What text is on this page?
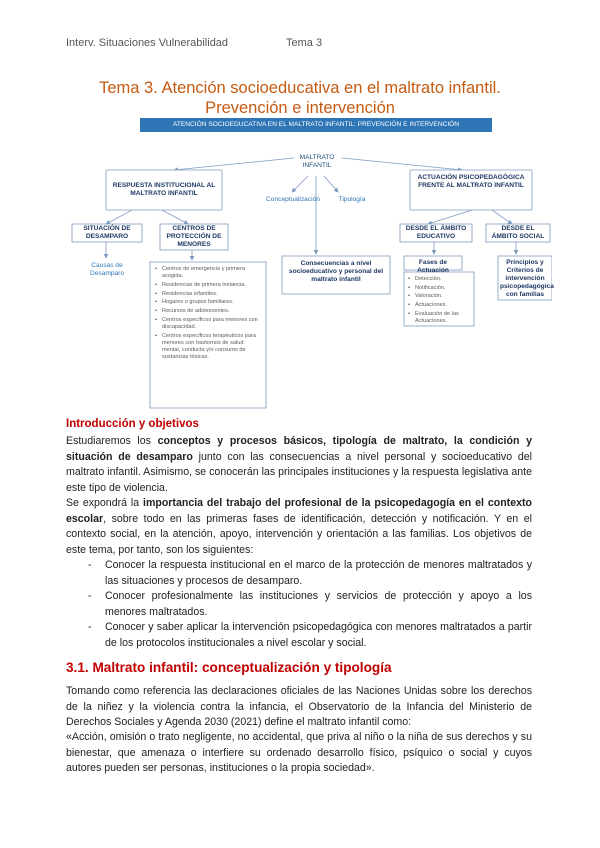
Interv. Situaciones Vulnerabilidad	Tema 3
Tema 3. Atención socioeducativa en el maltrato infantil.
Prevención e intervención
ATENCIÓN SOCIOEDUCATIVA EN EL MALTRATO INFANTIL: PREVENCIÓN E INTERVENCIÓN
MALTRATO INFANTIL
RESPUESTA INSTITUCIONAL AL MALTRATO INFANTIL
ACTUACIÓN PSICOPEDAGÓGICA FRENTE AL MALTRATO INFANTIL
Conceptualización	Tipología
SITUACIÓN DE DESAMPARO
Causas de Desamparo
CENTROS DE PROTECCIÓN DE MENORES
• Centros de emergencia y primera acogida.
• Residencias de primera instancia.
• Residencias infantiles.
• Hogares o grupos familiares.
• Recursos de adolescentes.
• Centros específicos para menores con discapacidad.
• Centros específicos terapéuticos para menores con trastornos de salud mental, conducta y/o consumo de sustancias tóxicas.
Consecuencias a nivel socioeducativo y personal del maltrato infantil
DESDE EL ÁMBITO EDUCATIVO
DESDE EL ÁMBITO SOCIAL
Fases de Actuación
• Detección.
• Notificación.
• Valoración.
• Actuaciones.
• Evaluación de las Actuaciones.
Principios y Criterios de intervención psicopedagógica con familias
Introducción y objetivos
Estudiaremos los conceptos y procesos básicos, tipología de maltrato, la condición y situación de desamparo junto con las consecuencias a nivel personal y socioeducativo del maltrato infantil. Asimismo, se conocerán las principales instituciones y la respuesta legislativa ante este tipo de violencia.
Se expondrá la importancia del trabajo del profesional de la psicopedagogía en el contexto escolar, sobre todo en las primeras fases de identificación, detección y notificación. Y en el contexto social, en la atención, apoyo, intervención y orientación a las familias. Los objetivos de este tema, por tanto, son los siguientes:
- Conocer la respuesta institucional en el marco de la protección de menores maltratados y las situaciones y procesos de desamparo.
- Conocer profesionalmente las instituciones y servicios de protección y apoyo a los menores maltratados.
- Conocer y saber aplicar la intervención psicopedagógica con menores maltratados a partir de los protocolos institucionales a nivel escolar y social.
3.1. Maltrato infantil: conceptualización y tipología
Tomando como referencia las declaraciones oficiales de las Naciones Unidas sobre los derechos de la niñez y la violencia contra la infancia, el Observatorio de la Infancia del Ministerio de Derechos Sociales y Agenda 2030 (2021) define el maltrato infantil como:
«Acción, omisión o trato negligente, no accidental, que priva al niño o la niña de sus derechos y su bienestar, que amenaza o interfiere su ordenado desarrollo físico, psíquico o social y cuyos autores pueden ser personas, instituciones o la propia sociedad».
